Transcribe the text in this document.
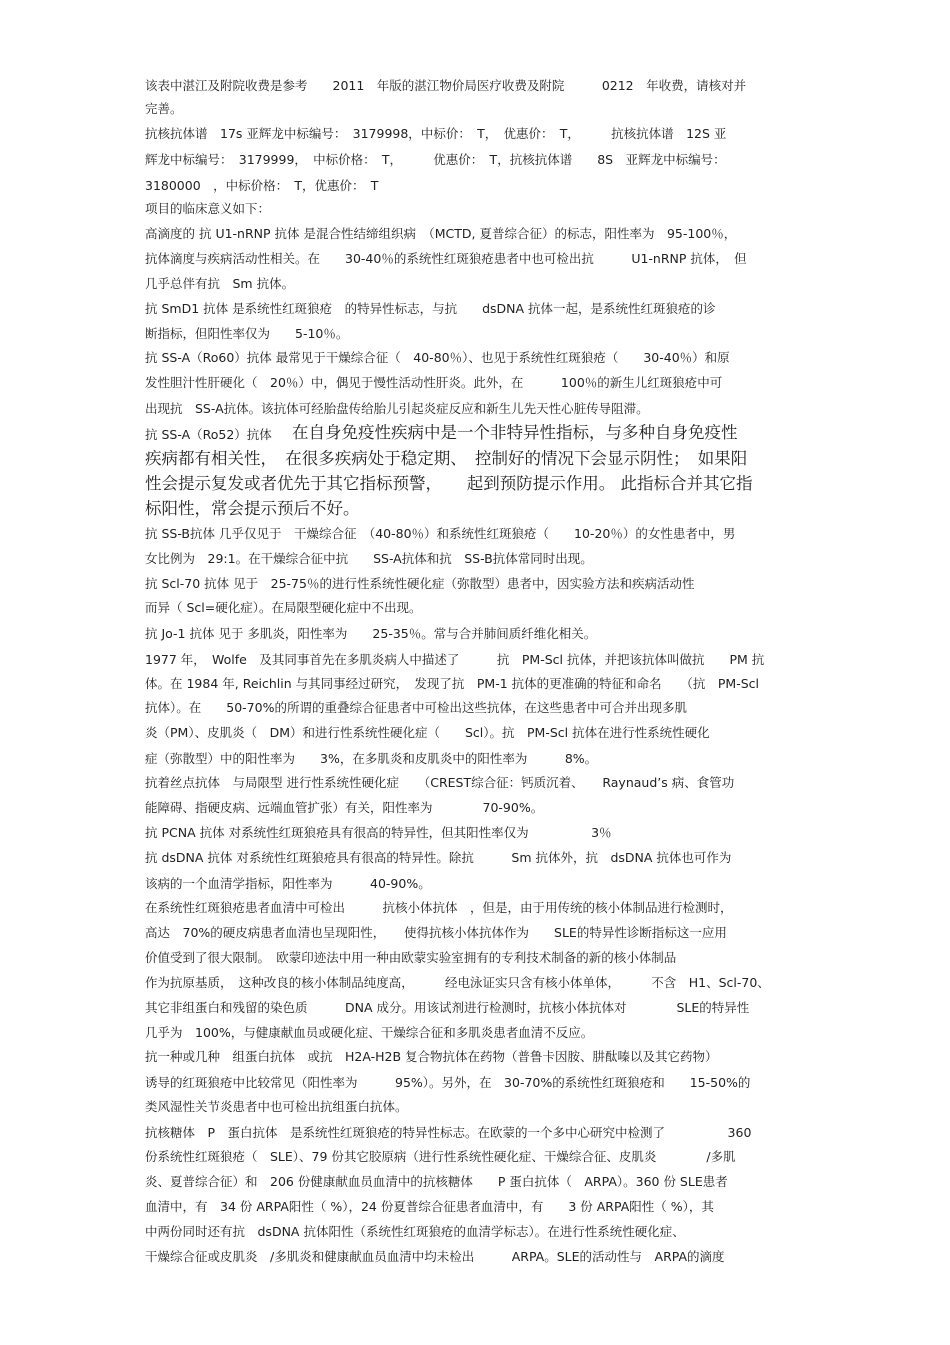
该表中湛江及附院收费是参考　　2011　年版的湛江物价局医疗收费及附院　　　0212　年收费，请核对并

完善。

抗核抗体谱　17s 亚辉龙中标编号：　3179998，中标价：　T，　优惠价：　T，　　　抗核抗体谱　12S 亚

辉龙中标编号：　3179999，　中标价格：　T，　　　优惠价：　T，抗核抗体谱　　8S　亚辉龙中标编号：

3180000　，中标价格：　T，优惠价：　T

项目的临床意义如下：

高滴度的 抗 U1-nRNP 抗体 是混合性结缔组织病　（MCTD, 夏普综合征）的标志，阳性率为　95-100％，

抗体滴度与疾病活动性相关。在　　30-40％的系统性红斑狼疮患者中也可检出抗　　　U1-nRNP 抗体，　但

几乎总伴有抗　Sm 抗体。

抗 SmD1 抗体 是系统性红斑狼疮　的特异性标志，与抗　　dsDNA 抗体一起，是系统性红斑狼疮的诊

断指标，但阳性率仅为　　5-10％。

抗 SS-A（Ro60）抗体 最常见于干燥综合征（　40-80％）、也见于系统性红斑狼疮（　　30-40％）和原

发性胆汁性肝硬化（　20％）中，偶见于慢性活动性肝炎。此外，在　　　100％的新生儿红斑狼疮中可

出现抗　SS-A抗体。该抗体可经胎盘传给胎儿引起炎症反应和新生儿先天性心脏传导阻滞。

抗 SS-A（Ro52）抗体	在自身免疫性疾病中是一个非特异性指标，与多种自身免疫性

疾病都有相关性，　在很多疾病处于稳定期、　控制好的情况下会显示阴性；　如果阳

性会提示复发或者优先于其它指标预警，　　起到预防提示作用。 此指标合并其它指

标阳性，常会提示预后不好。

抗 SS-B抗体 几乎仅见于　干燥综合征　（40-80％）和系统性红斑狼疮（　　10-20％）的女性患者中，男

女比例为　29:1。在干燥综合征中抗　　SS-A抗体和抗　SS-B抗体常同时出现。

抗 Scl-70 抗体 见于　25-75％的进行性系统性硬化症（弥散型）患者中，因实验方法和疾病活动性

而异（ Scl=硬化症）。在局限型硬化症中不出现。

抗 Jo-1 抗体 见于 多肌炎，阳性率为　　25-35％。常与合并肺间质纤维化相关。

1977 年，　Wolfe　及其同事首先在多肌炎病人中描述了　　　抗　PM-Scl 抗体，并把该抗体叫做抗　　PM 抗

体。在 1984 年, Reichlin 与其同事经过研究，　发现了抗　PM-1 抗体的更准确的特征和命名　　（抗　PM-Scl

抗体）。在　　50-70%的所谓的重叠综合征患者中可检出这些抗体，在这些患者中可合并出现多肌

炎（PM）、皮肌炎（　DM）和进行性系统性硬化症（　　Scl）。抗　PM-Scl 抗体在进行性系统性硬化

症（弥散型）中的阳性率为　　3%，在多肌炎和皮肌炎中的阳性率为　　　8%。

抗着丝点抗体　与局限型 进行性系统性硬化症　　（CREST综合征：钙质沉着、　　Raynaud’s 病、食管功

能障碍、指硬皮病、远端血管扩张）有关，阳性率为　　　　70-90%。

抗 PCNA 抗体 对系统性红斑狼疮具有很高的特异性，但其阳性率仅为　　　　　3％

抗 dsDNA 抗体 对系统性红斑狼疮具有很高的特异性。除抗　　　Sm 抗体外，抗　dsDNA 抗体也可作为

该病的一个血清学指标，阳性率为　　　40-90%。

在系统性红斑狼疮患者血清中可检出　　　抗核小体抗体　，但是，由于用传统的核小体制品进行检测时，

高达　70%的硬皮病患者血清也呈现阳性，　　使得抗核小体抗体作为　　SLE的特异性诊断指标这一应用

价值受到了很大限制。　欧蒙印迹法中用一种由欧蒙实验室拥有的专利技术制备的新的核小体制品

作为抗原基质，　这种改良的核小体制品纯度高，　　　经电泳证实只含有核小体单体，　　　不含　H1、Scl-70、

其它非组蛋白和残留的染色质　　　DNA 成分。用该试剂进行检测时，抗核小体抗体对　　　　SLE的特异性

几乎为　100%，与健康献血员或硬化症、干燥综合征和多肌炎患者血清不反应。

抗一种或几种　组蛋白抗体　或抗　H2A-H2B 复合物抗体在药物（普鲁卡因胺、肼酞嗪以及其它药物）

诱导的红斑狼疮中比较常见（阳性率为　　　95%）。另外，在　30-70%的系统性红斑狼疮和　　15-50%的

类风湿性关节炎患者中也可检出抗组蛋白抗体。

抗核糖体　P　蛋白抗体　是系统性红斑狼疮的特异性标志。在欧蒙的一个多中心研究中检测了　　　　　360

份系统性红斑狼疮（　SLE）、79 份其它胶原病（进行性系统性硬化症、干燥综合征、皮肌炎　　　　/多肌

炎、夏普综合征）和　206 份健康献血员血清中的抗核糖体　　P 蛋白抗体（　ARPA）。360 份 SLE患者

血清中，有　34 份 ARPA阳性（ %），24 份夏普综合征患者血清中，有　　3 份 ARPA阳性（ %），其

中两份同时还有抗　dsDNA 抗体阳性（系统性红斑狼疮的血清学标志）。在进行性系统性硬化症、

干燥综合征或皮肌炎　/多肌炎和健康献血员血清中均未检出　　　ARPA。SLE的活动性与　ARPA的滴度
